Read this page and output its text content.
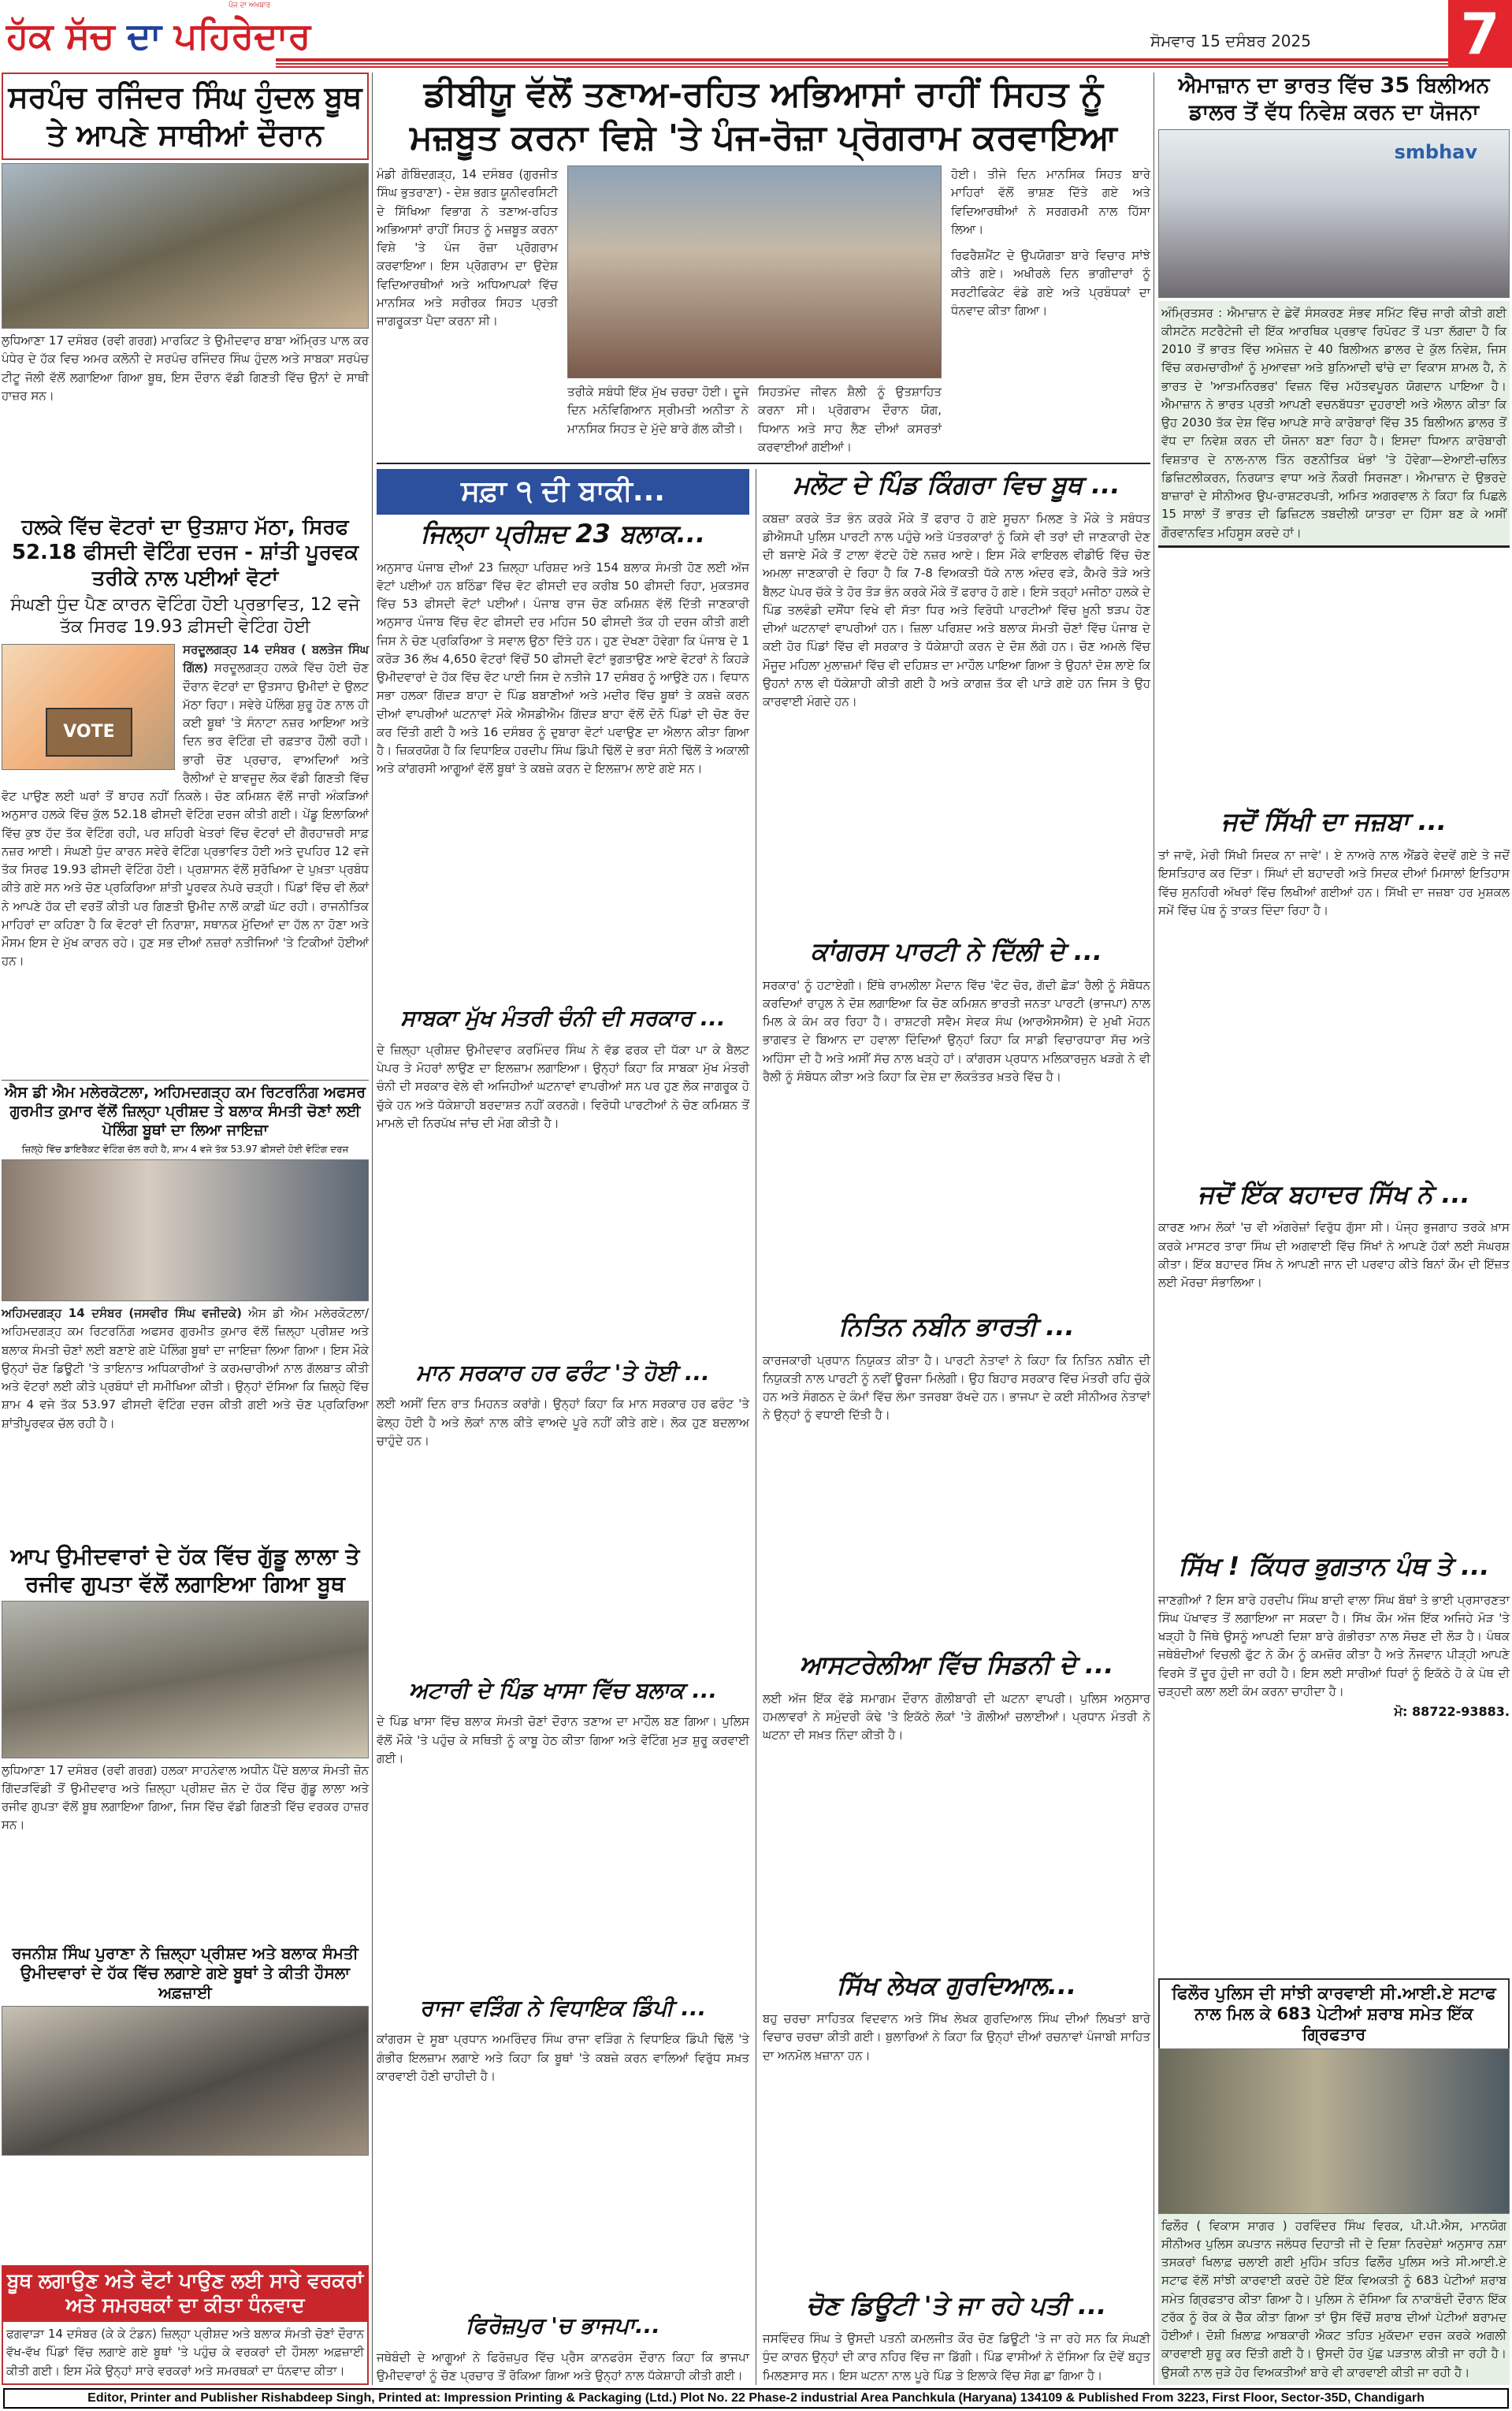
ਹੱਕ ਸੱਚ ਦਾ ਪਹਿਰੇਦਾਰ
ਪੰਜ ਦਾ ਅਖ਼ਬਾਰ
ਸੋਮਵਾਰ 15 ਦਸੰਬਰ 2025	7
ਸਰਪੰਚ ਰਜਿੰਦਰ ਸਿੰਘ ਹੁੰਦਲ ਬੂਥ ਤੇ ਆਪਣੇ ਸਾਥੀਆਂ ਦੌਰਾਨ
ਲੁਧਿਆਣਾ 17 ਦਸੰਬਰ (ਰਵੀ ਗਰਗ) ਮਾਰਕਿਟ ਤੇ ਉਮੀਦਵਾਰ ਬਾਬਾ ਅੰਮ੍ਰਿਤ ਪਾਲ ਕਰ ਪੰਧੇਰ ਦੇ ਹੱਕ ਵਿਚ ਅਮਰ ਕਲੋਨੀ ਦੇ ਸਰਪੰਚ ਰਜਿੰਦਰ ਸਿੰਘ ਹੁੰਦਲ ਅਤੇ ਸਾਬਕਾ ਸਰਪੰਚ ਟੀਟੂ ਜੋਲੀ ਵੱਲੋਂ ਲਗਾਇਆ ਗਿਆ ਬੂਥ, ਇਸ ਦੌਰਾਨ ਵੱਡੀ ਗਿਣਤੀ ਵਿੱਚ ਉਨਾਂ ਦੇ ਸਾਥੀ ਹਾਜ਼ਰ ਸਨ।
ਹਲਕੇ ਵਿੱਚ ਵੋਟਰਾਂ ਦਾ ਉਤਸ਼ਾਹ ਮੱਠਾ, ਸਿਰਫ 52.18 ਫੀਸਦੀ ਵੋਟਿੰਗ ਦਰਜ - ਸ਼ਾਂਤੀ ਪੂਰਵਕ ਤਰੀਕੇ ਨਾਲ ਪਈਆਂ ਵੋਟਾਂ
ਸੰਘਣੀ ਧੁੰਦ ਪੈਣ ਕਾਰਨ ਵੋਟਿੰਗ ਹੋਈ ਪ੍ਰਭਾਵਿਤ, 12 ਵਜੇ ਤੱਕ ਸਿਰਫ 19.93 ਫ਼ੀਸਦੀ ਵੋਟਿੰਗ ਹੋਈ
VOTE
ਸਰਦੂਲਗੜ੍ਹ 14 ਦਸੰਬਰ ( ਬਲਤੇਜ ਸਿੰਘ ਗਿੱਲ) ਸਰਦੂਲਗੜ੍ਹ ਹਲਕੇ ਵਿੱਚ ਹੋਈ ਚੋਣ ਦੌਰਾਨ ਵੋਟਰਾਂ ਦਾ ਉਤਸਾਹ ਉਮੀਦਾਂ ਦੇ ਉਲਟ ਮੱਠਾ ਰਿਹਾ। ਸਵੇਰੇ ਪੋਲਿੰਗ ਸ਼ੁਰੂ ਹੋਣ ਨਾਲ ਹੀ ਕਈ ਬੂਥਾਂ 'ਤੇ ਸੰਨਾਟਾ ਨਜ਼ਰ ਆਇਆ ਅਤੇ ਦਿਨ ਭਰ ਵੋਟਿੰਗ ਦੀ ਰਫ਼ਤਾਰ ਹੌਲੀ ਰਹੀ। ਭਾਰੀ ਚੋਣ ਪ੍ਰਚਾਰ, ਵਾਅਦਿਆਂ ਅਤੇ ਰੈਲੀਆਂ ਦੇ ਬਾਵਜੂਦ ਲੋਕ ਵੱਡੀ ਗਿਣਤੀ ਵਿੱਚ ਵੋਟ ਪਾਉਣ ਲਈ ਘਰਾਂ ਤੋਂ ਬਾਹਰ ਨਹੀਂ ਨਿਕਲੇ। ਚੋਣ ਕਮਿਸ਼ਨ ਵੱਲੋਂ ਜਾਰੀ ਅੰਕੜਿਆਂ ਅਨੁਸਾਰ ਹਲਕੇ ਵਿੱਚ ਕੁੱਲ 52.18 ਫੀਸਦੀ ਵੋਟਿੰਗ ਦਰਜ ਕੀਤੀ ਗਈ। ਪੇਂਡੂ ਇਲਾਕਿਆਂ ਵਿੱਚ ਕੁਝ ਹੱਦ ਤੱਕ ਵੋਟਿੰਗ ਰਹੀ, ਪਰ ਸ਼ਹਿਰੀ ਖੇਤਰਾਂ ਵਿੱਚ ਵੋਟਰਾਂ ਦੀ ਗੈਰਹਾਜ਼ਰੀ ਸਾਫ਼ ਨਜ਼ਰ ਆਈ। ਸੰਘਣੀ ਧੁੰਦ ਕਾਰਨ ਸਵੇਰੇ ਵੋਟਿੰਗ ਪ੍ਰਭਾਵਿਤ ਹੋਈ ਅਤੇ ਦੁਪਹਿਰ 12 ਵਜੇ ਤੱਕ ਸਿਰਫ 19.93 ਫੀਸਦੀ ਵੋਟਿੰਗ ਹੋਈ। ਪ੍ਰਸ਼ਾਸਨ ਵੱਲੋਂ ਸੁਰੱਖਿਆ ਦੇ ਪੁਖ਼ਤਾ ਪ੍ਰਬੰਧ ਕੀਤੇ ਗਏ ਸਨ ਅਤੇ ਚੋਣ ਪ੍ਰਕਿਰਿਆ ਸ਼ਾਂਤੀ ਪੂਰਵਕ ਨੇਪਰੇ ਚੜ੍ਹੀ। ਪਿੰਡਾਂ ਵਿੱਚ ਵੀ ਲੋਕਾਂ ਨੇ ਆਪਣੇ ਹੱਕ ਦੀ ਵਰਤੋਂ ਕੀਤੀ ਪਰ ਗਿਣਤੀ ਉਮੀਦ ਨਾਲੋਂ ਕਾਫ਼ੀ ਘੱਟ ਰਹੀ। ਰਾਜਨੀਤਿਕ ਮਾਹਿਰਾਂ ਦਾ ਕਹਿਣਾ ਹੈ ਕਿ ਵੋਟਰਾਂ ਦੀ ਨਿਰਾਸ਼ਾ, ਸਥਾਨਕ ਮੁੱਦਿਆਂ ਦਾ ਹੱਲ ਨਾ ਹੋਣਾ ਅਤੇ ਮੌਸਮ ਇਸ ਦੇ ਮੁੱਖ ਕਾਰਨ ਰਹੇ। ਹੁਣ ਸਭ ਦੀਆਂ ਨਜ਼ਰਾਂ ਨਤੀਜਿਆਂ 'ਤੇ ਟਿਕੀਆਂ ਹੋਈਆਂ ਹਨ।
ਐਸ ਡੀ ਐਮ ਮਲੇਰਕੋਟਲਾ, ਅਹਿਮਦਗੜ੍ਹ ਕਮ ਰਿਟਰਨਿੰਗ ਅਫਸਰ ਗੁਰਮੀਤ ਕੁਮਾਰ ਵੱਲੋਂ ਜ਼ਿਲ੍ਹਾ ਪ੍ਰੀਸ਼ਦ ਤੇ ਬਲਾਕ ਸੰਮਤੀ ਚੋਣਾਂ ਲਈ ਪੋਲਿੰਗ ਬੂਥਾਂ ਦਾ ਲਿਆ ਜਾਇਜ਼ਾ
ਜ਼ਿਲ੍ਹੇ ਵਿੱਚ ਡਾਇਰੈਕਟ ਵੋਟਿੰਗ ਚੱਲ ਰਹੀ ਹੈ, ਸ਼ਾਮ 4 ਵਜੇ ਤੱਕ 53.97 ਫ਼ੀਸਦੀ ਹੋਈ ਵੋਟਿੰਗ ਦਰਜ
ਅਹਿਮਦਗੜ੍ਹ 14 ਦਸੰਬਰ (ਜਸਵੀਰ ਸਿੰਘ ਵਜੀਦਕੇ) ਐਸ ਡੀ ਐਮ ਮਲੇਰਕੋਟਲਾ/ਅਹਿਮਦਗੜ੍ਹ ਕਮ ਰਿਟਰਨਿੰਗ ਅਫਸਰ ਗੁਰਮੀਤ ਕੁਮਾਰ ਵੱਲੋਂ ਜ਼ਿਲ੍ਹਾ ਪ੍ਰੀਸ਼ਦ ਅਤੇ ਬਲਾਕ ਸੰਮਤੀ ਚੋਣਾਂ ਲਈ ਬਣਾਏ ਗਏ ਪੋਲਿੰਗ ਬੂਥਾਂ ਦਾ ਜਾਇਜ਼ਾ ਲਿਆ ਗਿਆ। ਇਸ ਮੌਕੇ ਉਨ੍ਹਾਂ ਚੋਣ ਡਿਊਟੀ 'ਤੇ ਤਾਇਨਾਤ ਅਧਿਕਾਰੀਆਂ ਤੇ ਕਰਮਚਾਰੀਆਂ ਨਾਲ ਗੱਲਬਾਤ ਕੀਤੀ ਅਤੇ ਵੋਟਰਾਂ ਲਈ ਕੀਤੇ ਪ੍ਰਬੰਧਾਂ ਦੀ ਸਮੀਖਿਆ ਕੀਤੀ। ਉਨ੍ਹਾਂ ਦੱਸਿਆ ਕਿ ਜ਼ਿਲ੍ਹੇ ਵਿੱਚ ਸ਼ਾਮ 4 ਵਜੇ ਤੱਕ 53.97 ਫੀਸਦੀ ਵੋਟਿੰਗ ਦਰਜ ਕੀਤੀ ਗਈ ਅਤੇ ਚੋਣ ਪ੍ਰਕਿਰਿਆ ਸ਼ਾਂਤੀਪੂਰਵਕ ਚੱਲ ਰਹੀ ਹੈ।
ਆਪ ਉਮੀਦਵਾਰਾਂ ਦੇ ਹੱਕ ਵਿੱਚ ਗੁੱਡੂ ਲਾਲਾ ਤੇ ਰਜੀਵ ਗੁਪਤਾ ਵੱਲੋਂ ਲਗਾਇਆ ਗਿਆ ਬੂਥ
ਲੁਧਿਆਣਾ 17 ਦਸੰਬਰ (ਰਵੀ ਗਰਗ) ਹਲਕਾ ਸਾਹਨੇਵਾਲ ਅਧੀਨ ਪੈਂਦੇ ਬਲਾਕ ਸੰਮਤੀ ਜ਼ੋਨ ਗਿੱਦੜਵਿੰਡੀ ਤੋਂ ਉਮੀਦਵਾਰ ਅਤੇ ਜ਼ਿਲ੍ਹਾ ਪ੍ਰੀਸ਼ਦ ਜ਼ੋਨ ਦੇ ਹੱਕ ਵਿੱਚ ਗੁੱਡੂ ਲਾਲਾ ਅਤੇ ਰਜੀਵ ਗੁਪਤਾ ਵੱਲੋਂ ਬੂਥ ਲਗਾਇਆ ਗਿਆ, ਜਿਸ ਵਿੱਚ ਵੱਡੀ ਗਿਣਤੀ ਵਿੱਚ ਵਰਕਰ ਹਾਜ਼ਰ ਸਨ।
ਰਜਨੀਸ਼ ਸਿੰਘ ਪੁਰਾਣਾ ਨੇ ਜ਼ਿਲ੍ਹਾ ਪ੍ਰੀਸ਼ਦ ਅਤੇ ਬਲਾਕ ਸੰਮਤੀ ਉਮੀਦਵਾਰਾਂ ਦੇ ਹੱਕ ਵਿੱਚ ਲਗਾਏ ਗਏ ਬੂਥਾਂ ਤੇ ਕੀਤੀ ਹੌਸਲਾ ਅਫ਼ਜ਼ਾਈ
ਬੂਥ ਲਗਾਉਣ ਅਤੇ ਵੋਟਾਂ ਪਾਉਣ ਲਈ ਸਾਰੇ ਵਰਕਰਾਂ ਅਤੇ ਸਮਰਥਕਾਂ ਦਾ ਕੀਤਾ ਧੰਨਵਾਦ
ਫਗਵਾੜਾ 14 ਦਸੰਬਰ (ਕੇ ਕੇ ਟੰਡਨ) ਜ਼ਿਲ੍ਹਾ ਪ੍ਰੀਸ਼ਦ ਅਤੇ ਬਲਾਕ ਸੰਮਤੀ ਚੋਣਾਂ ਦੌਰਾਨ ਵੱਖ-ਵੱਖ ਪਿੰਡਾਂ ਵਿੱਚ ਲਗਾਏ ਗਏ ਬੂਥਾਂ 'ਤੇ ਪਹੁੰਚ ਕੇ ਵਰਕਰਾਂ ਦੀ ਹੌਸਲਾ ਅਫ਼ਜ਼ਾਈ ਕੀਤੀ ਗਈ। ਇਸ ਮੌਕੇ ਉਨ੍ਹਾਂ ਸਾਰੇ ਵਰਕਰਾਂ ਅਤੇ ਸਮਰਥਕਾਂ ਦਾ ਧੰਨਵਾਦ ਕੀਤਾ।
ਡੀਬੀਯੂ ਵੱਲੋਂ ਤਣਾਅ-ਰਹਿਤ ਅਭਿਆਸਾਂ ਰਾਹੀਂ ਸਿਹਤ ਨੂੰ ਮਜ਼ਬੂਤ ਕਰਨਾ ਵਿਸ਼ੇ 'ਤੇ ਪੰਜ-ਰੋਜ਼ਾ ਪ੍ਰੋਗਰਾਮ ਕਰਵਾਇਆ
ਮੰਡੀ ਗੋਬਿੰਦਗੜ੍ਹ, 14 ਦਸੰਬਰ (ਗੁਰਜੀਤ ਸਿੰਘ ਭੁਤਰਾਣਾ) - ਦੇਸ਼ ਭਗਤ ਯੂਨੀਵਰਸਿਟੀ ਦੇ ਸਿੱਖਿਆ ਵਿਭਾਗ ਨੇ ਤਣਾਅ-ਰਹਿਤ ਅਭਿਆਸਾਂ ਰਾਹੀਂ ਸਿਹਤ ਨੂੰ ਮਜ਼ਬੂਤ ਕਰਨਾ ਵਿਸ਼ੇ 'ਤੇ ਪੰਜ ਰੋਜ਼ਾ ਪ੍ਰੋਗਰਾਮ ਕਰਵਾਇਆ। ਇਸ ਪ੍ਰੋਗਰਾਮ ਦਾ ਉਦੇਸ਼ ਵਿਦਿਆਰਥੀਆਂ ਅਤੇ ਅਧਿਆਪਕਾਂ ਵਿੱਚ ਮਾਨਸਿਕ ਅਤੇ ਸਰੀਰਕ ਸਿਹਤ ਪ੍ਰਤੀ ਜਾਗਰੂਕਤਾ ਪੈਦਾ ਕਰਨਾ ਸੀ।
ਤਰੀਕੇ ਸਬੰਧੀ ਇੱਕ ਮੁੱਖ ਚਰਚਾ ਹੋਈ। ਦੂਜੇ ਦਿਨ ਮਨੋਵਿਗਿਆਨ ਸ੍ਰੀਮਤੀ ਅਨੀਤਾ ਨੇ ਮਾਨਸਿਕ ਸਿਹਤ ਦੇ ਮੁੱਦੇ ਬਾਰੇ ਗੱਲ ਕੀਤੀ।
ਸਿਹਤਮੰਦ ਜੀਵਨ ਸ਼ੈਲੀ ਨੂੰ ਉਤਸ਼ਾਹਿਤ ਕਰਨਾ ਸੀ। ਪ੍ਰੋਗਰਾਮ ਦੌਰਾਨ ਯੋਗ, ਧਿਆਨ ਅਤੇ ਸਾਹ ਲੈਣ ਦੀਆਂ ਕਸਰਤਾਂ ਕਰਵਾਈਆਂ ਗਈਆਂ।
ਹੋਈ। ਤੀਜੇ ਦਿਨ ਮਾਨਸਿਕ ਸਿਹਤ ਬਾਰੇ ਮਾਹਿਰਾਂ ਵੱਲੋਂ ਭਾਸ਼ਣ ਦਿੱਤੇ ਗਏ ਅਤੇ ਵਿਦਿਆਰਥੀਆਂ ਨੇ ਸਰਗਰਮੀ ਨਾਲ ਹਿੱਸਾ ਲਿਆ।
ਰਿਫਰੈਸ਼ਮੈਂਟ ਦੇ ਉਪਯੋਗਤਾ ਬਾਰੇ ਵਿਚਾਰ ਸਾਂਝੇ ਕੀਤੇ ਗਏ। ਅਖੀਰਲੇ ਦਿਨ ਭਾਗੀਦਾਰਾਂ ਨੂੰ ਸਰਟੀਫਿਕੇਟ ਵੰਡੇ ਗਏ ਅਤੇ ਪ੍ਰਬੰਧਕਾਂ ਦਾ ਧੰਨਵਾਦ ਕੀਤਾ ਗਿਆ।
ਸਫ਼ਾ ੧ ਦੀ ਬਾਕੀ...
ਜਿਲ੍ਹਾ ਪ੍ਰੀਸ਼ਦ 23 ਬਲਾਕ...
ਅਨੁਸਾਰ ਪੰਜਾਬ ਦੀਆਂ 23 ਜ਼ਿਲ੍ਹਾ ਪਰਿਸ਼ਦ ਅਤੇ 154 ਬਲਾਕ ਸੰਮਤੀ ਹੋਣ ਲਈ ਅੱਜ ਵੋਟਾਂ ਪਈਆਂ ਹਨ ਬਠਿੰਡਾ ਵਿੱਚ ਵੋਟ ਫੀਸਦੀ ਦਰ ਕਰੀਬ 50 ਫੀਸਦੀ ਰਿਹਾ, ਮੁਕਤਸਰ ਵਿੱਚ 53 ਫੀਸਦੀ ਵੋਟਾਂ ਪਈਆਂ। ਪੰਜਾਬ ਰਾਜ ਚੋਣ ਕਮਿਸ਼ਨ ਵੱਲੋਂ ਦਿੱਤੀ ਜਾਣਕਾਰੀ ਅਨੁਸਾਰ ਪੰਜਾਬ ਵਿੱਚ ਵੋਟ ਫੀਸਦੀ ਦਰ ਮਹਿਜ 50 ਫੀਸਦੀ ਤੱਕ ਹੀ ਦਰਜ ਕੀਤੀ ਗਈ ਜਿਸ ਨੇ ਚੋਣ ਪ੍ਰਕਿਰਿਆ ਤੇ ਸਵਾਲ ਉਠਾ ਦਿੱਤੇ ਹਨ। ਹੁਣ ਦੇਖਣਾ ਹੋਵੇਗਾ ਕਿ ਪੰਜਾਬ ਦੇ 1 ਕਰੋੜ 36 ਲੱਖ 4,650 ਵੋਟਰਾਂ ਵਿੱਚੋਂ 50 ਫੀਸਦੀ ਵੋਟਾਂ ਭੁਗਤਾਉਣ ਆਏ ਵੋਟਰਾਂ ਨੇ ਕਿਹੜੇ ਉਮੀਦਵਾਰਾਂ ਦੇ ਹੱਕ ਵਿੱਚ ਵੋਟ ਪਾਈ ਜਿਸ ਦੇ ਨਤੀਜੇ 17 ਦਸੰਬਰ ਨੂੰ ਆਉਣੇ ਹਨ। ਵਿਧਾਨ ਸਭਾ ਹਲਕਾ ਗਿੱਦੜ ਬਾਹਾ ਦੇ ਪਿੰਡ ਬਬਾਣੀਆਂ ਅਤੇ ਮਦੀਰ ਵਿੱਚ ਬੂਥਾਂ ਤੇ ਕਬਜ਼ੇ ਕਰਨ ਦੀਆਂ ਵਾਪਰੀਆਂ ਘਟਨਾਵਾਂ ਮੌਕੇ ਐਸਡੀਐਮ ਗਿੱਦੜ ਬਾਹਾ ਵੱਲੋਂ ਦੋਨੋ ਪਿੰਡਾਂ ਦੀ ਚੋਣ ਰੱਦ ਕਰ ਦਿੱਤੀ ਗਈ ਹੈ ਅਤੇ 16 ਦਸੰਬਰ ਨੂੰ ਦੁਬਾਰਾ ਵੋਟਾਂ ਪਵਾਉਣ ਦਾ ਐਲਾਨ ਕੀਤਾ ਗਿਆ ਹੈ। ਜ਼ਿਕਰਯੋਗ ਹੈ ਕਿ ਵਿਧਾਇਕ ਹਰਦੀਪ ਸਿੰਘ ਡਿੰਪੀ ਢਿੱਲੋਂ ਦੇ ਭਰਾ ਸੰਨੀ ਢਿੱਲੋਂ ਤੇ ਅਕਾਲੀ ਅਤੇ ਕਾਂਗਰਸੀ ਆਗੂਆਂ ਵੱਲੋਂ ਬੂਥਾਂ ਤੇ ਕਬਜ਼ੇ ਕਰਨ ਦੇ ਇਲਜ਼ਾਮ ਲਾਏ ਗਏ ਸਨ।
ਸਾਬਕਾ ਮੁੱਖ ਮੰਤਰੀ ਚੰਨੀ ਦੀ ਸਰਕਾਰ ...
ਦੇ ਜ਼ਿਲ੍ਹਾ ਪ੍ਰੀਸ਼ਦ ਉਮੀਦਵਾਰ ਕਰਮਿੰਦਰ ਸਿੰਘ ਨੇ ਵੱਡ ਫਰਕ ਦੀ ਧੱਕਾ ਪਾ ਕੇ ਬੈਲਟ ਪੇਪਰ ਤੇ ਮੋਹਰਾਂ ਲਾਉਣ ਦਾ ਇਲਜ਼ਾਮ ਲਗਾਇਆ। ਉਨ੍ਹਾਂ ਕਿਹਾ ਕਿ ਸਾਬਕਾ ਮੁੱਖ ਮੰਤਰੀ ਚੰਨੀ ਦੀ ਸਰਕਾਰ ਵੇਲੇ ਵੀ ਅਜਿਹੀਆਂ ਘਟਨਾਵਾਂ ਵਾਪਰੀਆਂ ਸਨ ਪਰ ਹੁਣ ਲੋਕ ਜਾਗਰੂਕ ਹੋ ਚੁੱਕੇ ਹਨ ਅਤੇ ਧੱਕੇਸ਼ਾਹੀ ਬਰਦਾਸ਼ਤ ਨਹੀਂ ਕਰਨਗੇ। ਵਿਰੋਧੀ ਪਾਰਟੀਆਂ ਨੇ ਚੋਣ ਕਮਿਸ਼ਨ ਤੋਂ ਮਾਮਲੇ ਦੀ ਨਿਰਪੱਖ ਜਾਂਚ ਦੀ ਮੰਗ ਕੀਤੀ ਹੈ।
ਮਾਨ ਸਰਕਾਰ ਹਰ ਫਰੰਟ 'ਤੇ ਹੋਈ ...
ਲਈ ਅਸੀਂ ਦਿਨ ਰਾਤ ਮਿਹਨਤ ਕਰਾਂਗੇ। ਉਨ੍ਹਾਂ ਕਿਹਾ ਕਿ ਮਾਨ ਸਰਕਾਰ ਹਰ ਫਰੰਟ 'ਤੇ ਫੇਲ੍ਹ ਹੋਈ ਹੈ ਅਤੇ ਲੋਕਾਂ ਨਾਲ ਕੀਤੇ ਵਾਅਦੇ ਪੂਰੇ ਨਹੀਂ ਕੀਤੇ ਗਏ। ਲੋਕ ਹੁਣ ਬਦਲਾਅ ਚਾਹੁੰਦੇ ਹਨ।
ਅਟਾਰੀ ਦੇ ਪਿੰਡ ਖਾਸਾ ਵਿੱਚ ਬਲਾਕ ...
ਦੇ ਪਿੰਡ ਖਾਸਾ ਵਿੱਚ ਬਲਾਕ ਸੰਮਤੀ ਚੋਣਾਂ ਦੌਰਾਨ ਤਣਾਅ ਦਾ ਮਾਹੌਲ ਬਣ ਗਿਆ। ਪੁਲਿਸ ਵੱਲੋਂ ਮੌਕੇ 'ਤੇ ਪਹੁੰਚ ਕੇ ਸਥਿਤੀ ਨੂੰ ਕਾਬੂ ਹੇਠ ਕੀਤਾ ਗਿਆ ਅਤੇ ਵੋਟਿੰਗ ਮੁੜ ਸ਼ੁਰੂ ਕਰਵਾਈ ਗਈ।
ਰਾਜਾ ਵੜਿੰਗ ਨੇ ਵਿਧਾਇਕ ਡਿੰਪੀ ...
ਕਾਂਗਰਸ ਦੇ ਸੂਬਾ ਪ੍ਰਧਾਨ ਅਮਰਿੰਦਰ ਸਿੰਘ ਰਾਜਾ ਵੜਿੰਗ ਨੇ ਵਿਧਾਇਕ ਡਿੰਪੀ ਢਿੱਲੋਂ 'ਤੇ ਗੰਭੀਰ ਇਲਜ਼ਾਮ ਲਗਾਏ ਅਤੇ ਕਿਹਾ ਕਿ ਬੂਥਾਂ 'ਤੇ ਕਬਜ਼ੇ ਕਰਨ ਵਾਲਿਆਂ ਵਿਰੁੱਧ ਸਖ਼ਤ ਕਾਰਵਾਈ ਹੋਣੀ ਚਾਹੀਦੀ ਹੈ।
ਫਿਰੋਜ਼ਪੁਰ 'ਚ ਭਾਜਪਾ...
ਜਥੇਬੰਦੀ ਦੇ ਆਗੂਆਂ ਨੇ ਫਿਰੋਜ਼ਪੁਰ ਵਿੱਚ ਪ੍ਰੈਸ ਕਾਨਫਰੰਸ ਦੌਰਾਨ ਕਿਹਾ ਕਿ ਭਾਜਪਾ ਉਮੀਦਵਾਰਾਂ ਨੂੰ ਚੋਣ ਪ੍ਰਚਾਰ ਤੋਂ ਰੋਕਿਆ ਗਿਆ ਅਤੇ ਉਨ੍ਹਾਂ ਨਾਲ ਧੱਕੇਸ਼ਾਹੀ ਕੀਤੀ ਗਈ।
ਮਲੋਟ ਦੇ ਪਿੰਡ ਕਿੰਗਰਾ ਵਿਚ ਬੂਥ ...
ਕਬਜ਼ਾ ਕਰਕੇ ਤੋੜ ਭੰਨ ਕਰਕੇ ਮੌਕੇ ਤੋਂ ਫਰਾਰ ਹੋ ਗਏ ਸੂਚਨਾ ਮਿਲਣ ਤੇ ਮੌਕੇ ਤੇ ਸਬੰਧਤ ਡੀਐਸਪੀ ਪੁਲਿਸ ਪਾਰਟੀ ਨਾਲ ਪਹੁੰਚੇ ਅਤੇ ਪੱਤਰਕਾਰਾਂ ਨੂੰ ਕਿਸੇ ਵੀ ਤਰਾਂ ਦੀ ਜਾਣਕਾਰੀ ਦੇਣ ਦੀ ਬਜਾਏ ਮੌਕੇ ਤੋਂ ਟਾਲਾ ਵੱਟਦੇ ਹੋਏ ਨਜ਼ਰ ਆਏ। ਇਸ ਮੌਕੇ ਵਾਇਰਲ ਵੀਡੀਓ ਵਿੱਚ ਚੋਣ ਅਮਲਾ ਜਾਣਕਾਰੀ ਦੇ ਰਿਹਾ ਹੈ ਕਿ 7-8 ਵਿਅਕਤੀ ਧੱਕੇ ਨਾਲ ਅੰਦਰ ਵੜੇ, ਕੈਮਰੇ ਤੋੜੇ ਅਤੇ ਬੈਲਟ ਪੇਪਰ ਚੱਕੇ ਤੇ ਹੋਰ ਤੋੜ ਭੰਨ ਕਰਕੇ ਮੌਕੇ ਤੋਂ ਫਰਾਰ ਹੋ ਗਏ। ਇਸੇ ਤਰ੍ਹਾਂ ਮਜੀਠਾ ਹਲਕੇ ਦੇ ਪਿੰਡ ਤਲਵੰਡੀ ਦਸੌਂਧਾ ਵਿਖੇ ਵੀ ਸੱਤਾ ਧਿਰ ਅਤੇ ਵਿਰੋਧੀ ਪਾਰਟੀਆਂ ਵਿੱਚ ਖ਼ੂਨੀ ਝੜਪ ਹੋਣ ਦੀਆਂ ਘਟਨਾਵਾਂ ਵਾਪਰੀਆਂ ਹਨ। ਜ਼ਿਲਾ ਪਰਿਸ਼ਦ ਅਤੇ ਬਲਾਕ ਸੰਮਤੀ ਚੋਣਾਂ ਵਿੱਚ ਪੰਜਾਬ ਦੇ ਕਈ ਹੋਰ ਪਿੰਡਾਂ ਵਿੱਚ ਵੀ ਸਰਕਾਰ ਤੇ ਧੱਕੇਸ਼ਾਹੀ ਕਰਨ ਦੇ ਦੋਸ਼ ਲੱਗੇ ਹਨ। ਚੋਣ ਅਮਲੇ ਵਿੱਚ ਮੌਜੂਦ ਮਹਿਲਾ ਮੁਲਾਜ਼ਮਾਂ ਵਿੱਚ ਵੀ ਦਹਿਸ਼ਤ ਦਾ ਮਾਹੌਲ ਪਾਇਆ ਗਿਆ ਤੇ ਉਹਨਾਂ ਦੋਸ਼ ਲਾਏ ਕਿ ਉਹਨਾਂ ਨਾਲ ਵੀ ਧੱਕੇਸ਼ਾਹੀ ਕੀਤੀ ਗਈ ਹੈ ਅਤੇ ਕਾਗਜ਼ ਤੱਕ ਵੀ ਪਾੜੇ ਗਏ ਹਨ ਜਿਸ ਤੇ ਉਹ ਕਾਰਵਾਈ ਮੰਗਦੇ ਹਨ।
ਕਾਂਗਰਸ ਪਾਰਟੀ ਨੇ ਦਿੱਲੀ ਦੇ ...
ਸਰਕਾਰ' ਨੂੰ ਹਟਾਏਗੀ। ਇੱਥੇ ਰਾਮਲੀਲਾ ਮੈਦਾਨ ਵਿੱਚ 'ਵੋਟ ਚੋਰ, ਗੱਦੀ ਛੋੜ' ਰੈਲੀ ਨੂੰ ਸੰਬੋਧਨ ਕਰਦਿਆਂ ਰਾਹੁਲ ਨੇ ਦੋਸ਼ ਲਗਾਇਆ ਕਿ ਚੋਣ ਕਮਿਸ਼ਨ ਭਾਰਤੀ ਜਨਤਾ ਪਾਰਟੀ (ਭਾਜਪਾ) ਨਾਲ ਮਿਲ ਕੇ ਕੰਮ ਕਰ ਰਿਹਾ ਹੈ। ਰਾਸ਼ਟਰੀ ਸਵੈਮ ਸੇਵਕ ਸੰਘ (ਆਰਐਸਐਸ) ਦੇ ਮੁਖੀ ਮੋਹਨ ਭਾਗਵਤ ਦੇ ਬਿਆਨ ਦਾ ਹਵਾਲਾ ਦਿੰਦਿਆਂ ਉਨ੍ਹਾਂ ਕਿਹਾ ਕਿ ਸਾਡੀ ਵਿਚਾਰਧਾਰਾ ਸੱਚ ਅਤੇ ਅਹਿੰਸਾ ਦੀ ਹੈ ਅਤੇ ਅਸੀਂ ਸੱਚ ਨਾਲ ਖੜ੍ਹੇ ਹਾਂ। ਕਾਂਗਰਸ ਪ੍ਰਧਾਨ ਮਲਿਕਾਰਜੁਨ ਖੜਗੇ ਨੇ ਵੀ ਰੈਲੀ ਨੂੰ ਸੰਬੋਧਨ ਕੀਤਾ ਅਤੇ ਕਿਹਾ ਕਿ ਦੇਸ਼ ਦਾ ਲੋਕਤੰਤਰ ਖ਼ਤਰੇ ਵਿੱਚ ਹੈ।
ਨਿਤਿਨ ਨਬੀਨ ਭਾਰਤੀ ...
ਕਾਰਜਕਾਰੀ ਪ੍ਰਧਾਨ ਨਿਯੁਕਤ ਕੀਤਾ ਹੈ। ਪਾਰਟੀ ਨੇਤਾਵਾਂ ਨੇ ਕਿਹਾ ਕਿ ਨਿਤਿਨ ਨਬੀਨ ਦੀ ਨਿਯੁਕਤੀ ਨਾਲ ਪਾਰਟੀ ਨੂੰ ਨਵੀਂ ਊਰਜਾ ਮਿਲੇਗੀ। ਉਹ ਬਿਹਾਰ ਸਰਕਾਰ ਵਿੱਚ ਮੰਤਰੀ ਰਹਿ ਚੁੱਕੇ ਹਨ ਅਤੇ ਸੰਗਠਨ ਦੇ ਕੰਮਾਂ ਵਿੱਚ ਲੰਮਾ ਤਜਰਬਾ ਰੱਖਦੇ ਹਨ। ਭਾਜਪਾ ਦੇ ਕਈ ਸੀਨੀਅਰ ਨੇਤਾਵਾਂ ਨੇ ਉਨ੍ਹਾਂ ਨੂੰ ਵਧਾਈ ਦਿੱਤੀ ਹੈ।
ਆਸਟਰੇਲੀਆ ਵਿੱਚ ਸਿਡਨੀ ਦੇ ...
ਲਈ ਅੱਜ ਇੱਕ ਵੱਡੇ ਸਮਾਗਮ ਦੌਰਾਨ ਗੋਲੀਬਾਰੀ ਦੀ ਘਟਨਾ ਵਾਪਰੀ। ਪੁਲਿਸ ਅਨੁਸਾਰ ਹਮਲਾਵਰਾਂ ਨੇ ਸਮੁੰਦਰੀ ਕੰਢੇ 'ਤੇ ਇਕੱਠੇ ਲੋਕਾਂ 'ਤੇ ਗੋਲੀਆਂ ਚਲਾਈਆਂ। ਪ੍ਰਧਾਨ ਮੰਤਰੀ ਨੇ ਘਟਨਾ ਦੀ ਸਖ਼ਤ ਨਿੰਦਾ ਕੀਤੀ ਹੈ।
ਸਿੱਖ ਲੇਖਕ ਗੁਰਦਿਆਲ...
ਬਹੁ ਚਰਚਾ ਸਾਹਿਤਕ ਵਿਦਵਾਨ ਅਤੇ ਸਿੱਖ ਲੇਖਕ ਗੁਰਦਿਆਲ ਸਿੰਘ ਦੀਆਂ ਲਿਖਤਾਂ ਬਾਰੇ ਵਿਚਾਰ ਚਰਚਾ ਕੀਤੀ ਗਈ। ਬੁਲਾਰਿਆਂ ਨੇ ਕਿਹਾ ਕਿ ਉਨ੍ਹਾਂ ਦੀਆਂ ਰਚਨਾਵਾਂ ਪੰਜਾਬੀ ਸਾਹਿਤ ਦਾ ਅਨਮੋਲ ਖ਼ਜ਼ਾਨਾ ਹਨ।
ਚੋਣ ਡਿਊਟੀ 'ਤੇ ਜਾ ਰਹੇ ਪਤੀ ...
ਜਸਵਿੰਦਰ ਸਿੰਘ ਤੇ ਉਸਦੀ ਪਤਨੀ ਕਮਲਜੀਤ ਕੌਰ ਚੋਣ ਡਿਊਟੀ 'ਤੇ ਜਾ ਰਹੇ ਸਨ ਕਿ ਸੰਘਣੀ ਧੁੰਦ ਕਾਰਨ ਉਨ੍ਹਾਂ ਦੀ ਕਾਰ ਨਹਿਰ ਵਿੱਚ ਜਾ ਡਿੱਗੀ। ਪਿੰਡ ਵਾਸੀਆਂ ਨੇ ਦੱਸਿਆ ਕਿ ਦੋਵੇਂ ਬਹੁਤ ਮਿਲਣਸਾਰ ਸਨ। ਇਸ ਘਟਨਾ ਨਾਲ ਪੂਰੇ ਪਿੰਡ ਤੇ ਇਲਾਕੇ ਵਿੱਚ ਸੋਗ ਛਾ ਗਿਆ ਹੈ।
ਐਮਾਜ਼ਾਨ ਦਾ ਭਾਰਤ ਵਿੱਚ 35 ਬਿਲੀਅਨ ਡਾਲਰ ਤੋਂ ਵੱਧ ਨਿਵੇਸ਼ ਕਰਨ ਦਾ ਯੋਜਨਾ
smbhav
ਅੰਮ੍ਰਿਤਸਰ : ਐਮਾਜ਼ਾਨ ਦੇ ਛੇਵੇਂ ਸੰਸਕਰਣ ਸੰਭਵ ਸਮਿੱਟ ਵਿੱਚ ਜਾਰੀ ਕੀਤੀ ਗਈ ਕੀਸਟੋਨ ਸਟਰੈਟੇਜੀ ਦੀ ਇੱਕ ਆਰਥਿਕ ਪ੍ਰਭਾਵ ਰਿਪੋਰਟ ਤੋਂ ਪਤਾ ਲੱਗਦਾ ਹੈ ਕਿ 2010 ਤੋਂ ਭਾਰਤ ਵਿੱਚ ਅਮੇਜ਼ਨ ਦੇ 40 ਬਿਲੀਅਨ ਡਾਲਰ ਦੇ ਕੁੱਲ ਨਿਵੇਸ਼, ਜਿਸ ਵਿੱਚ ਕਰਮਚਾਰੀਆਂ ਨੂੰ ਮੁਆਵਜ਼ਾ ਅਤੇ ਬੁਨਿਆਦੀ ਢਾਂਚੇ ਦਾ ਵਿਕਾਸ ਸ਼ਾਮਲ ਹੈ, ਨੇ ਭਾਰਤ ਦੇ 'ਆਤਮਨਿਰਭਰ' ਵਿਜ਼ਨ ਵਿੱਚ ਮਹੱਤਵਪੂਰਨ ਯੋਗਦਾਨ ਪਾਇਆ ਹੈ। ਐਮਾਜ਼ਾਨ ਨੇ ਭਾਰਤ ਪ੍ਰਤੀ ਆਪਣੀ ਵਚਨਬੱਧਤਾ ਦੁਹਰਾਈ ਅਤੇ ਐਲਾਨ ਕੀਤਾ ਕਿ ਉਹ 2030 ਤੱਕ ਦੇਸ਼ ਵਿੱਚ ਆਪਣੇ ਸਾਰੇ ਕਾਰੋਬਾਰਾਂ ਵਿੱਚ 35 ਬਿਲੀਅਨ ਡਾਲਰ ਤੋਂ ਵੱਧ ਦਾ ਨਿਵੇਸ਼ ਕਰਨ ਦੀ ਯੋਜਨਾ ਬਣਾ ਰਿਹਾ ਹੈ। ਇਸਦਾ ਧਿਆਨ ਕਾਰੋਬਾਰੀ ਵਿਸ਼ਤਾਰ ਦੇ ਨਾਲ-ਨਾਲ ਤਿੰਨ ਰਣਨੀਤਿਕ ਖੰਭਾਂ 'ਤੇ ਹੋਵੇਗਾ—ਏਆਈ-ਚਲਿਤ ਡਿਜ਼ਿਟਲੀਕਰਨ, ਨਿਰਯਾਤ ਵਾਧਾ ਅਤੇ ਨੌਕਰੀ ਸਿਰਜਣਾ। ਐਮਾਜ਼ਾਨ ਦੇ ਉਭਰਦੇ ਬਾਜ਼ਾਰਾਂ ਦੇ ਸੀਨੀਅਰ ਉਪ-ਰਾਸ਼ਟਰਪਤੀ, ਅਮਿਤ ਅਗਰਵਾਲ ਨੇ ਕਿਹਾ ਕਿ ਪਿਛਲੇ 15 ਸਾਲਾਂ ਤੋਂ ਭਾਰਤ ਦੀ ਡਿਜ਼ਿਟਲ ਤਬਦੀਲੀ ਯਾਤਰਾ ਦਾ ਹਿੱਸਾ ਬਣ ਕੇ ਅਸੀਂ ਗੌਰਵਾਨਵਿਤ ਮਹਿਸੂਸ ਕਰਦੇ ਹਾਂ।
ਜਦੋਂ ਸਿੱਖੀ ਦਾ ਜਜ਼ਬਾ ...
ਤਾਂ ਜਾਵੋ, ਮੇਰੀ ਸਿੱਖੀ ਸਿਦਕ ਨਾ ਜਾਵੇ'। ਏ ਨਾਅਰੇ ਨਾਲ ਐਂਡਰੇ ਵੇਦਵੇਂ ਗਏ ਤੇ ਜਦੋਂ ਇਸਤਿਹਾਰ ਕਰ ਦਿੱਤਾ। ਸਿੰਘਾਂ ਦੀ ਬਹਾਦਰੀ ਅਤੇ ਸਿਦਕ ਦੀਆਂ ਮਿਸਾਲਾਂ ਇਤਿਹਾਸ ਵਿੱਚ ਸੁਨਹਿਰੀ ਅੱਖਰਾਂ ਵਿੱਚ ਲਿਖੀਆਂ ਗਈਆਂ ਹਨ। ਸਿੱਖੀ ਦਾ ਜਜ਼ਬਾ ਹਰ ਮੁਸ਼ਕਲ ਸਮੇਂ ਵਿੱਚ ਪੰਥ ਨੂੰ ਤਾਕਤ ਦਿੰਦਾ ਰਿਹਾ ਹੈ।
ਜਦੋਂ ਇੱਕ ਬਹਾਦਰ ਸਿੱਖ ਨੇ ...
ਕਾਰਣ ਆਮ ਲੋਕਾਂ 'ਚ ਵੀ ਅੰਗਰੇਜ਼ਾਂ ਵਿਰੁੱਧ ਗੁੱਸਾ ਸੀ। ਪੰਜ੍ਹ ਭੁਜਗਾਹ ਤਰਕੇ ਖ਼ਾਸ ਕਰਕੇ ਮਾਸਟਰ ਤਾਰਾ ਸਿੰਘ ਦੀ ਅਗਵਾਈ ਵਿੱਚ ਸਿੱਖਾਂ ਨੇ ਆਪਣੇ ਹੱਕਾਂ ਲਈ ਸੰਘਰਸ਼ ਕੀਤਾ। ਇੱਕ ਬਹਾਦਰ ਸਿੱਖ ਨੇ ਆਪਣੀ ਜਾਨ ਦੀ ਪਰਵਾਹ ਕੀਤੇ ਬਿਨਾਂ ਕੌਮ ਦੀ ਇੱਜ਼ਤ ਲਈ ਮੋਰਚਾ ਸੰਭਾਲਿਆ।
ਸਿੱਖ ! ਕਿੱਧਰ ਭੁਗਤਾਨ ਪੰਥ ਤੇ ...
ਜਾਣਗੀਆਂ ? ਇਸ ਬਾਰੇ ਹਰਦੀਪ ਸਿੰਘ ਬਾਦੀ ਵਾਲਾ ਸਿੰਘ ਬੱਥਾਂ ਤੇ ਭਾਈ ਪ੍ਰਸਾਰਣਤਾ ਸਿੰਘ ਪੱਖਾਵਤ ਤੋਂ ਲਗਾਇਆ ਜਾ ਸਕਦਾ ਹੈ। ਸਿੱਖ ਕੌਮ ਅੱਜ ਇੱਕ ਅਜਿਹੇ ਮੋੜ 'ਤੇ ਖੜ੍ਹੀ ਹੈ ਜਿੱਥੇ ਉਸਨੂੰ ਆਪਣੀ ਦਿਸ਼ਾ ਬਾਰੇ ਗੰਭੀਰਤਾ ਨਾਲ ਸੋਚਣ ਦੀ ਲੋੜ ਹੈ। ਪੰਥਕ ਜਥੇਬੰਦੀਆਂ ਵਿਚਲੀ ਫੁੱਟ ਨੇ ਕੌਮ ਨੂੰ ਕਮਜ਼ੋਰ ਕੀਤਾ ਹੈ ਅਤੇ ਨੌਜਵਾਨ ਪੀੜ੍ਹੀ ਆਪਣੇ ਵਿਰਸੇ ਤੋਂ ਦੂਰ ਹੁੰਦੀ ਜਾ ਰਹੀ ਹੈ। ਇਸ ਲਈ ਸਾਰੀਆਂ ਧਿਰਾਂ ਨੂੰ ਇਕੱਠੇ ਹੋ ਕੇ ਪੰਥ ਦੀ ਚੜ੍ਹਦੀ ਕਲਾ ਲਈ ਕੰਮ ਕਰਨਾ ਚਾਹੀਦਾ ਹੈ।
ਮੋ: 88722-93883.
ਫਿਲੌਰ ਪੁਲਿਸ ਦੀ ਸਾਂਝੀ ਕਾਰਵਾਈ ਸੀ.ਆਈ.ਏ ਸਟਾਫ ਨਾਲ ਮਿਲ ਕੇ 683 ਪੇਟੀਆਂ ਸ਼ਰਾਬ ਸਮੇਤ ਇੱਕ ਗ੍ਰਿਫਤਾਰ
ਫਿਲੌਰ ( ਵਿਕਾਸ ਸਾਗਰ ) ਹਰਵਿੰਦਰ ਸਿੰਘ ਵਿਰਕ, ਪੀ.ਪੀ.ਐਸ, ਮਾਨਯੋਗ ਸੀਨੀਅਰ ਪੁਲਿਸ ਕਪਤਾਨ ਜਲੰਧਰ ਦਿਹਾਤੀ ਜੀ ਦੇ ਦਿਸ਼ਾ ਨਿਰਦੇਸ਼ਾਂ ਅਨੁਸਾਰ ਨਸ਼ਾ ਤਸਕਰਾਂ ਖਿਲਾਫ਼ ਚਲਾਈ ਗਈ ਮੁਹਿੰਮ ਤਹਿਤ ਫਿਲੌਰ ਪੁਲਿਸ ਅਤੇ ਸੀ.ਆਈ.ਏ ਸਟਾਫ ਵੱਲੋਂ ਸਾਂਝੀ ਕਾਰਵਾਈ ਕਰਦੇ ਹੋਏ ਇੱਕ ਵਿਅਕਤੀ ਨੂੰ 683 ਪੇਟੀਆਂ ਸ਼ਰਾਬ ਸਮੇਤ ਗ੍ਰਿਫਤਾਰ ਕੀਤਾ ਗਿਆ ਹੈ। ਪੁਲਿਸ ਨੇ ਦੱਸਿਆ ਕਿ ਨਾਕਾਬੰਦੀ ਦੌਰਾਨ ਇੱਕ ਟਰੱਕ ਨੂੰ ਰੋਕ ਕੇ ਚੈੱਕ ਕੀਤਾ ਗਿਆ ਤਾਂ ਉਸ ਵਿੱਚੋਂ ਸ਼ਰਾਬ ਦੀਆਂ ਪੇਟੀਆਂ ਬਰਾਮਦ ਹੋਈਆਂ। ਦੋਸ਼ੀ ਖ਼ਿਲਾਫ਼ ਆਬਕਾਰੀ ਐਕਟ ਤਹਿਤ ਮੁਕੱਦਮਾ ਦਰਜ ਕਰਕੇ ਅਗਲੀ ਕਾਰਵਾਈ ਸ਼ੁਰੂ ਕਰ ਦਿੱਤੀ ਗਈ ਹੈ। ਉਸਦੀ ਹੋਰ ਪੁੱਛ ਪੜਤਾਲ ਕੀਤੀ ਜਾ ਰਹੀ ਹੈ। ਉਸਕੀ ਨਾਲ ਜੁੜੇ ਹੋਰ ਵਿਅਕਤੀਆਂ ਬਾਰੇ ਵੀ ਕਾਰਵਾਈ ਕੀਤੀ ਜਾ ਰਹੀ ਹੈ।
Editor, Printer and Publisher Rishabdeep Singh, Printed at: Impression Printing & Packaging (Ltd.) Plot No. 22 Phase-2 industrial Area Panchkula (Haryana) 134109 & Published From 3223, First Floor, Sector-35D, Chandigarh
